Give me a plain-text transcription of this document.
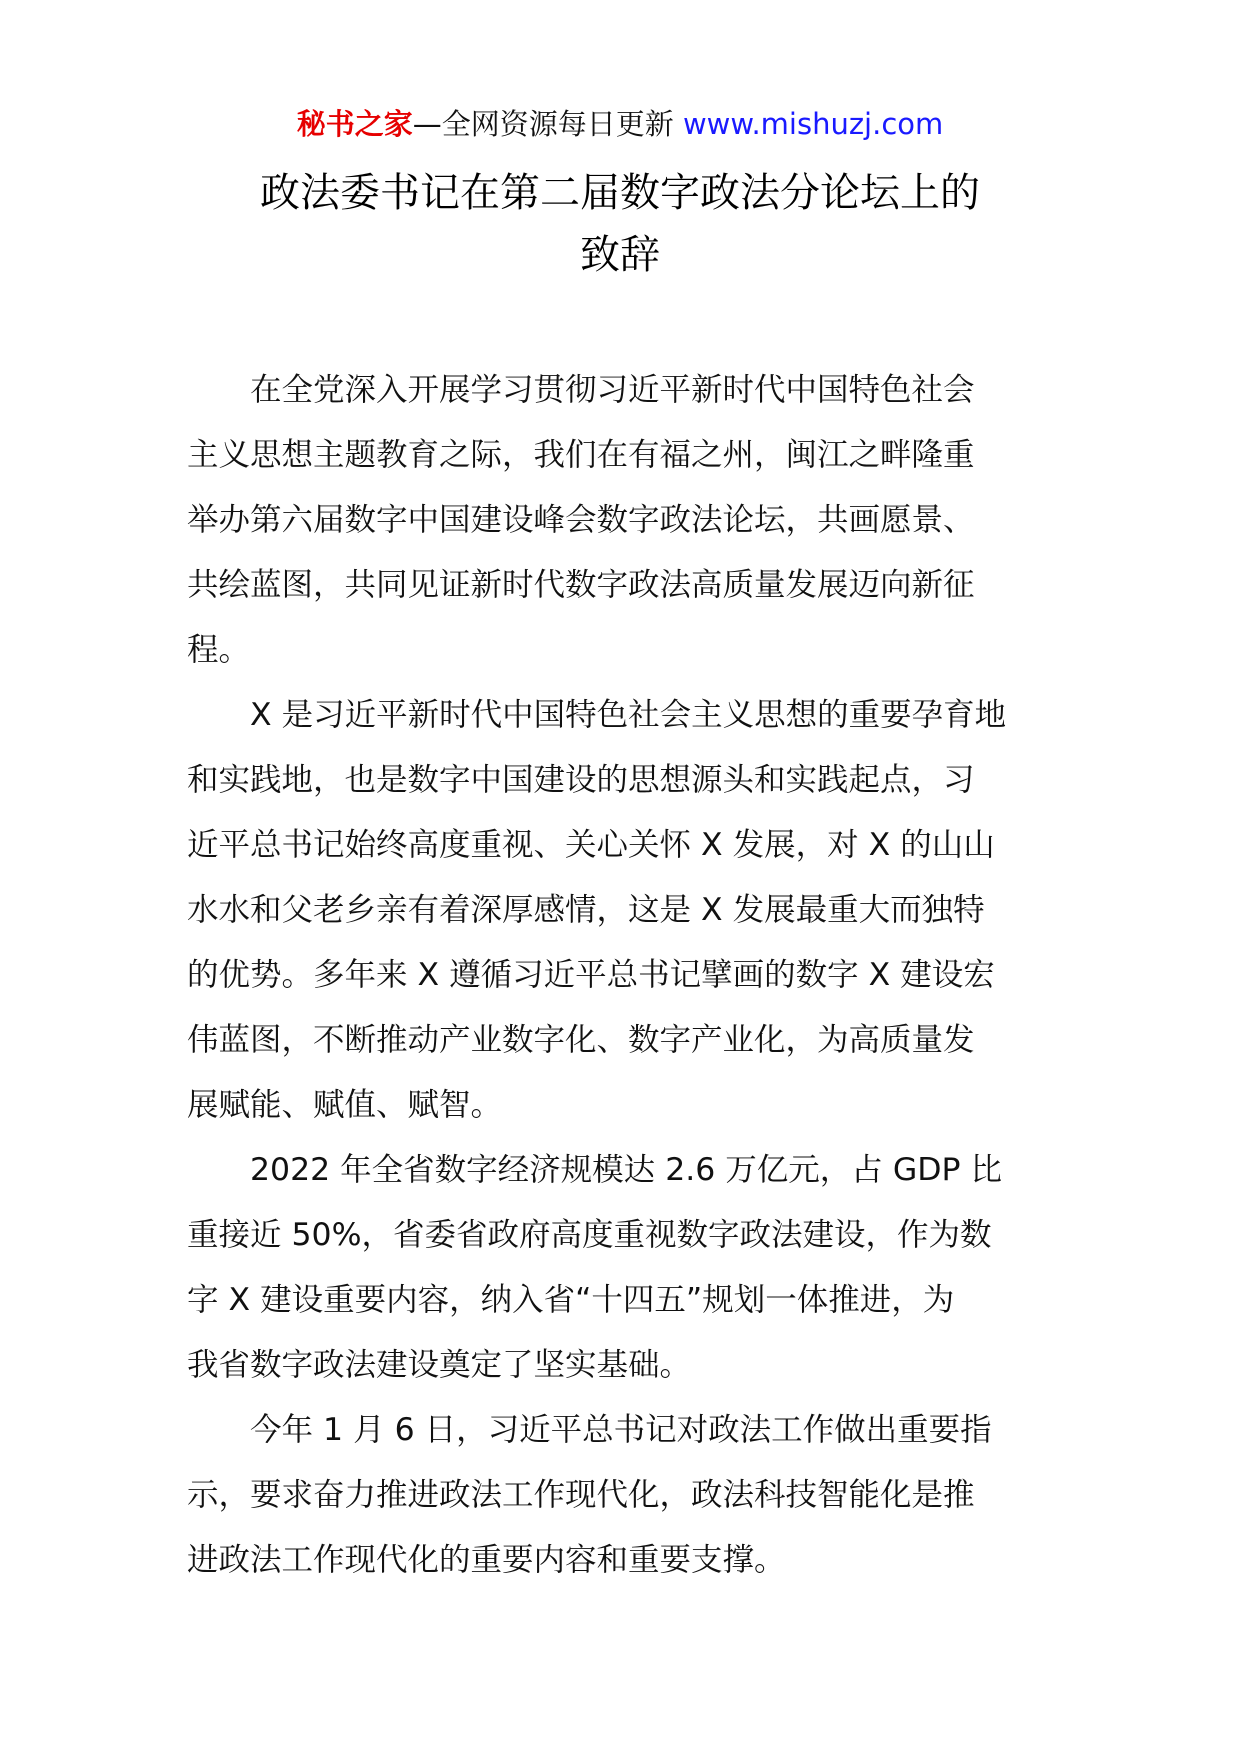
秘书之家—全网资源每日更新 www.mishuzj.com
政法委书记在第二届数字政法分论坛上的
致辞

　　在全党深入开展学习贯彻习近平新时代中国特色社会
主义思想主题教育之际，我们在有福之州，闽江之畔隆重
举办第六届数字中国建设峰会数字政法论坛，共画愿景、
共绘蓝图，共同见证新时代数字政法高质量发展迈向新征
程。

　　X 是习近平新时代中国特色社会主义思想的重要孕育地
和实践地，也是数字中国建设的思想源头和实践起点，习
近平总书记始终高度重视、关心关怀 X 发展，对 X 的山山
水水和父老乡亲有着深厚感情，这是 X 发展最重大而独特
的优势。多年来 X 遵循习近平总书记擘画的数字 X 建设宏
伟蓝图，不断推动产业数字化、数字产业化，为高质量发
展赋能、赋值、赋智。

　　2022 年全省数字经济规模达 2.6 万亿元，占 GDP 比
重接近 50%，省委省政府高度重视数字政法建设，作为数
字 X 建设重要内容，纳入省“十四五”规划一体推进，为
我省数字政法建设奠定了坚实基础。

　　今年 1 月 6 日，习近平总书记对政法工作做出重要指
示，要求奋力推进政法工作现代化，政法科技智能化是推
进政法工作现代化的重要内容和重要支撑。
